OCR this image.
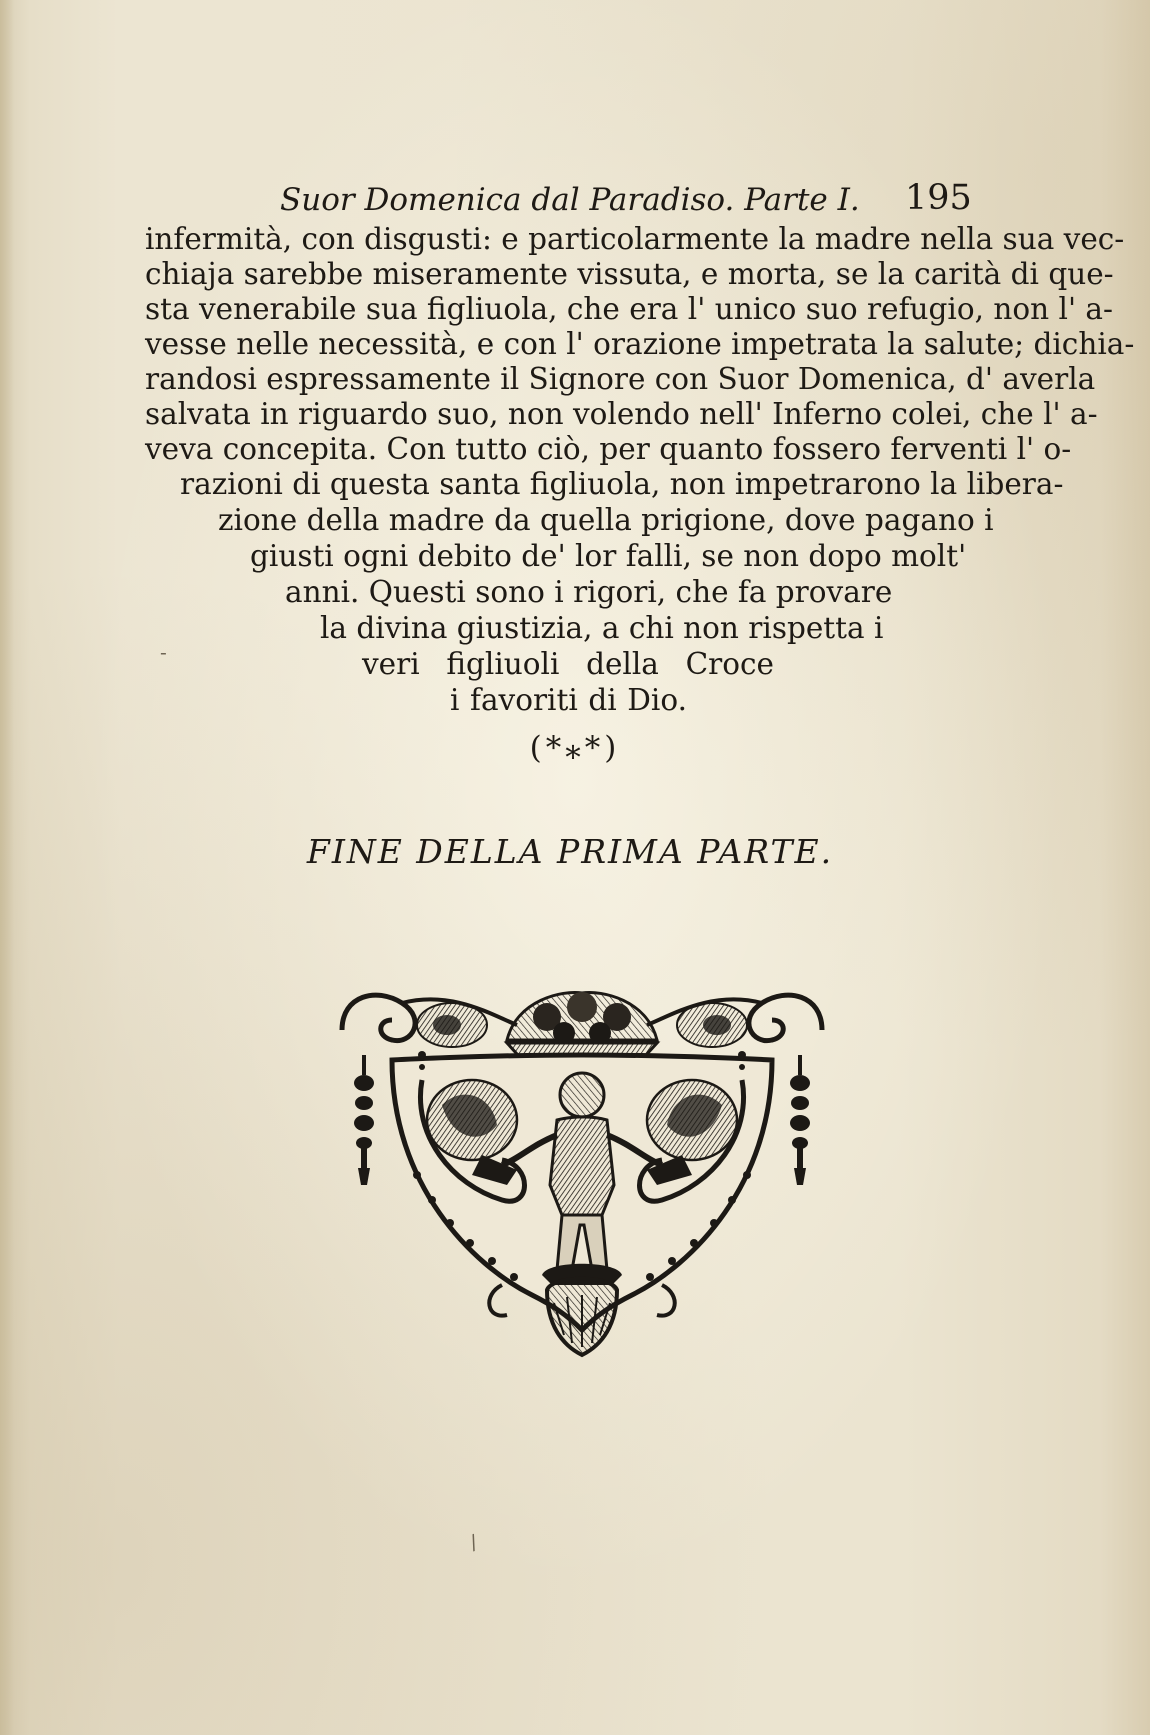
Suor Domenica dal Paradiso. Parte I. 195
infermità, con disgusti: e particolarmente la madre nella sua vec-
chiaja sarebbe miseramente vissuta, e morta, se la carità di que-
sta venerabile sua figliuola, che era l' unico suo refugio, non l' a-
vesse nelle necessità, e con l' orazione impetrata la salute; dichia-
randosi espressamente il Signore con Suor Domenica, d' averla
salvata in riguardo suo, non volendo nell' Inferno colei, che l' a-
veva concepita. Con tutto ciò, per quanto fossero ferventi l' o-
razioni di questa santa figliuola, non impetrarono la libera-
zione della madre da quella prigione, dove pagano i
giusti ogni debito de' lor falli, se non dopo molt'
anni. Questi sono i rigori, che fa provare
la divina giustizia, a chi non rispetta i
veri figliuoli della Croce
i favoriti di Dio.
(*⁎*)
FINE DELLA PRIMA PARTE.
-
/
